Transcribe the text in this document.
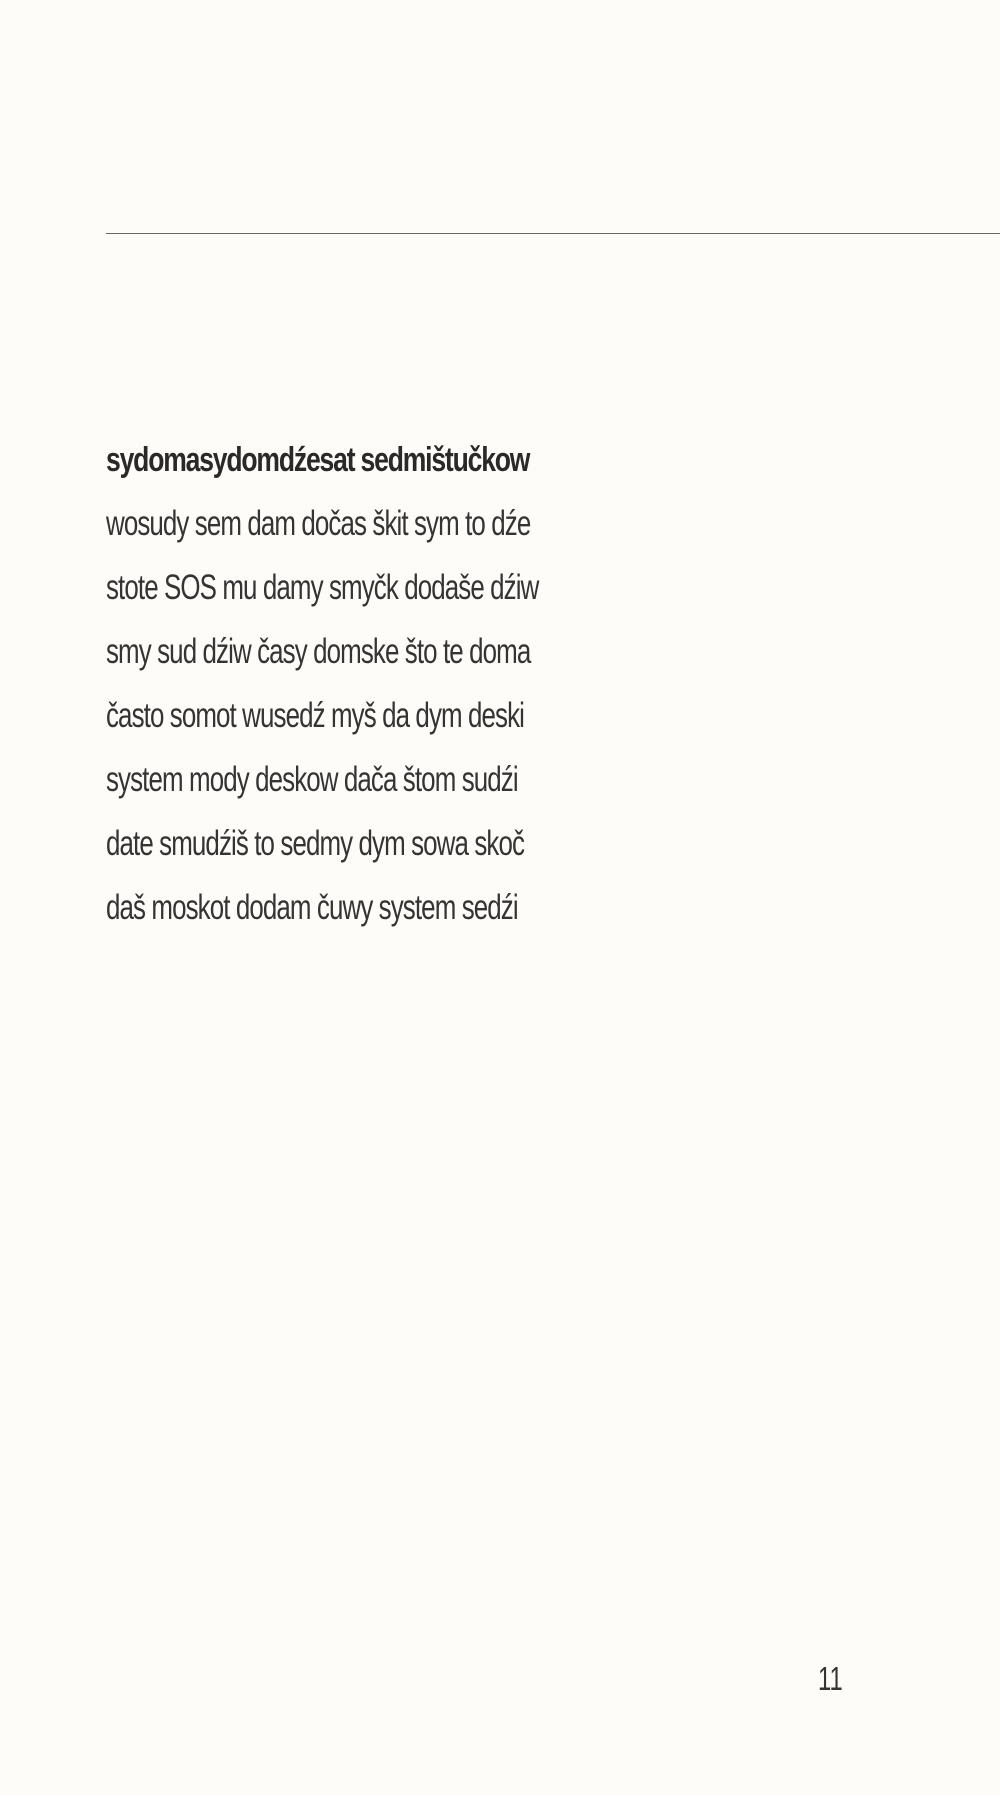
sydomasydomdźesat sedmištučkow
wosudy sem dam dočas škit sym to dźe
stote SOS mu damy smyčk dodaše dźiw
smy sud dźiw časy domske što te doma
často somot wusedź myš da dym deski
system mody deskow dača štom sudźi
date smudźiš to sedmy dym sowa skoč
daš moskot dodam čuwy system sedźi
11
